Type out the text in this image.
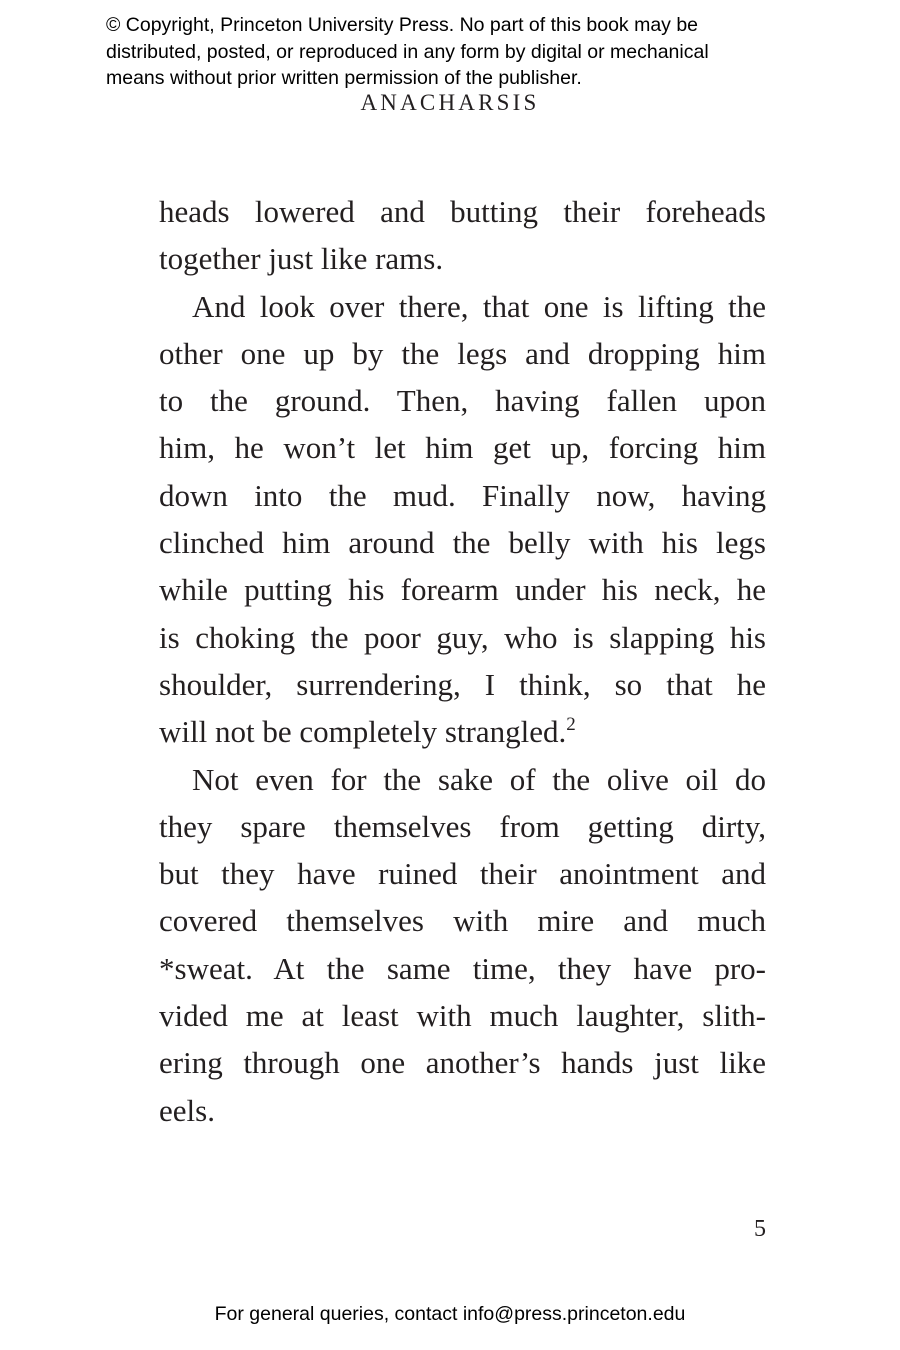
© Copyright, Princeton University Press. No part of this book may be
distributed, posted, or reproduced in any form by digital or mechanical
means without prior written permission of the publisher.
ANACHARSIS

heads lowered and butting their foreheads
together just like rams.

And look over there, that one is lifting the
other one up by the legs and dropping him
to the ground. Then, having fallen upon
him, he won’t let him get up, forcing him
down into the mud. Finally now, having
clinched him around the belly with his legs
while putting his forearm under his neck, he
is choking the poor guy, who is slapping his
shoulder, surrendering, I think, so that he
will not be completely strangled.$^2$

Not even for the sake of the olive oil do
they spare themselves from getting dirty,
but they have ruined their anointment and
covered themselves with mire and much
*sweat. At the same time, they have pro-
vided me at least with much laughter, slith-
ering through one another’s hands just like
eels.

5
For general queries, contact info@press.princeton.edu
